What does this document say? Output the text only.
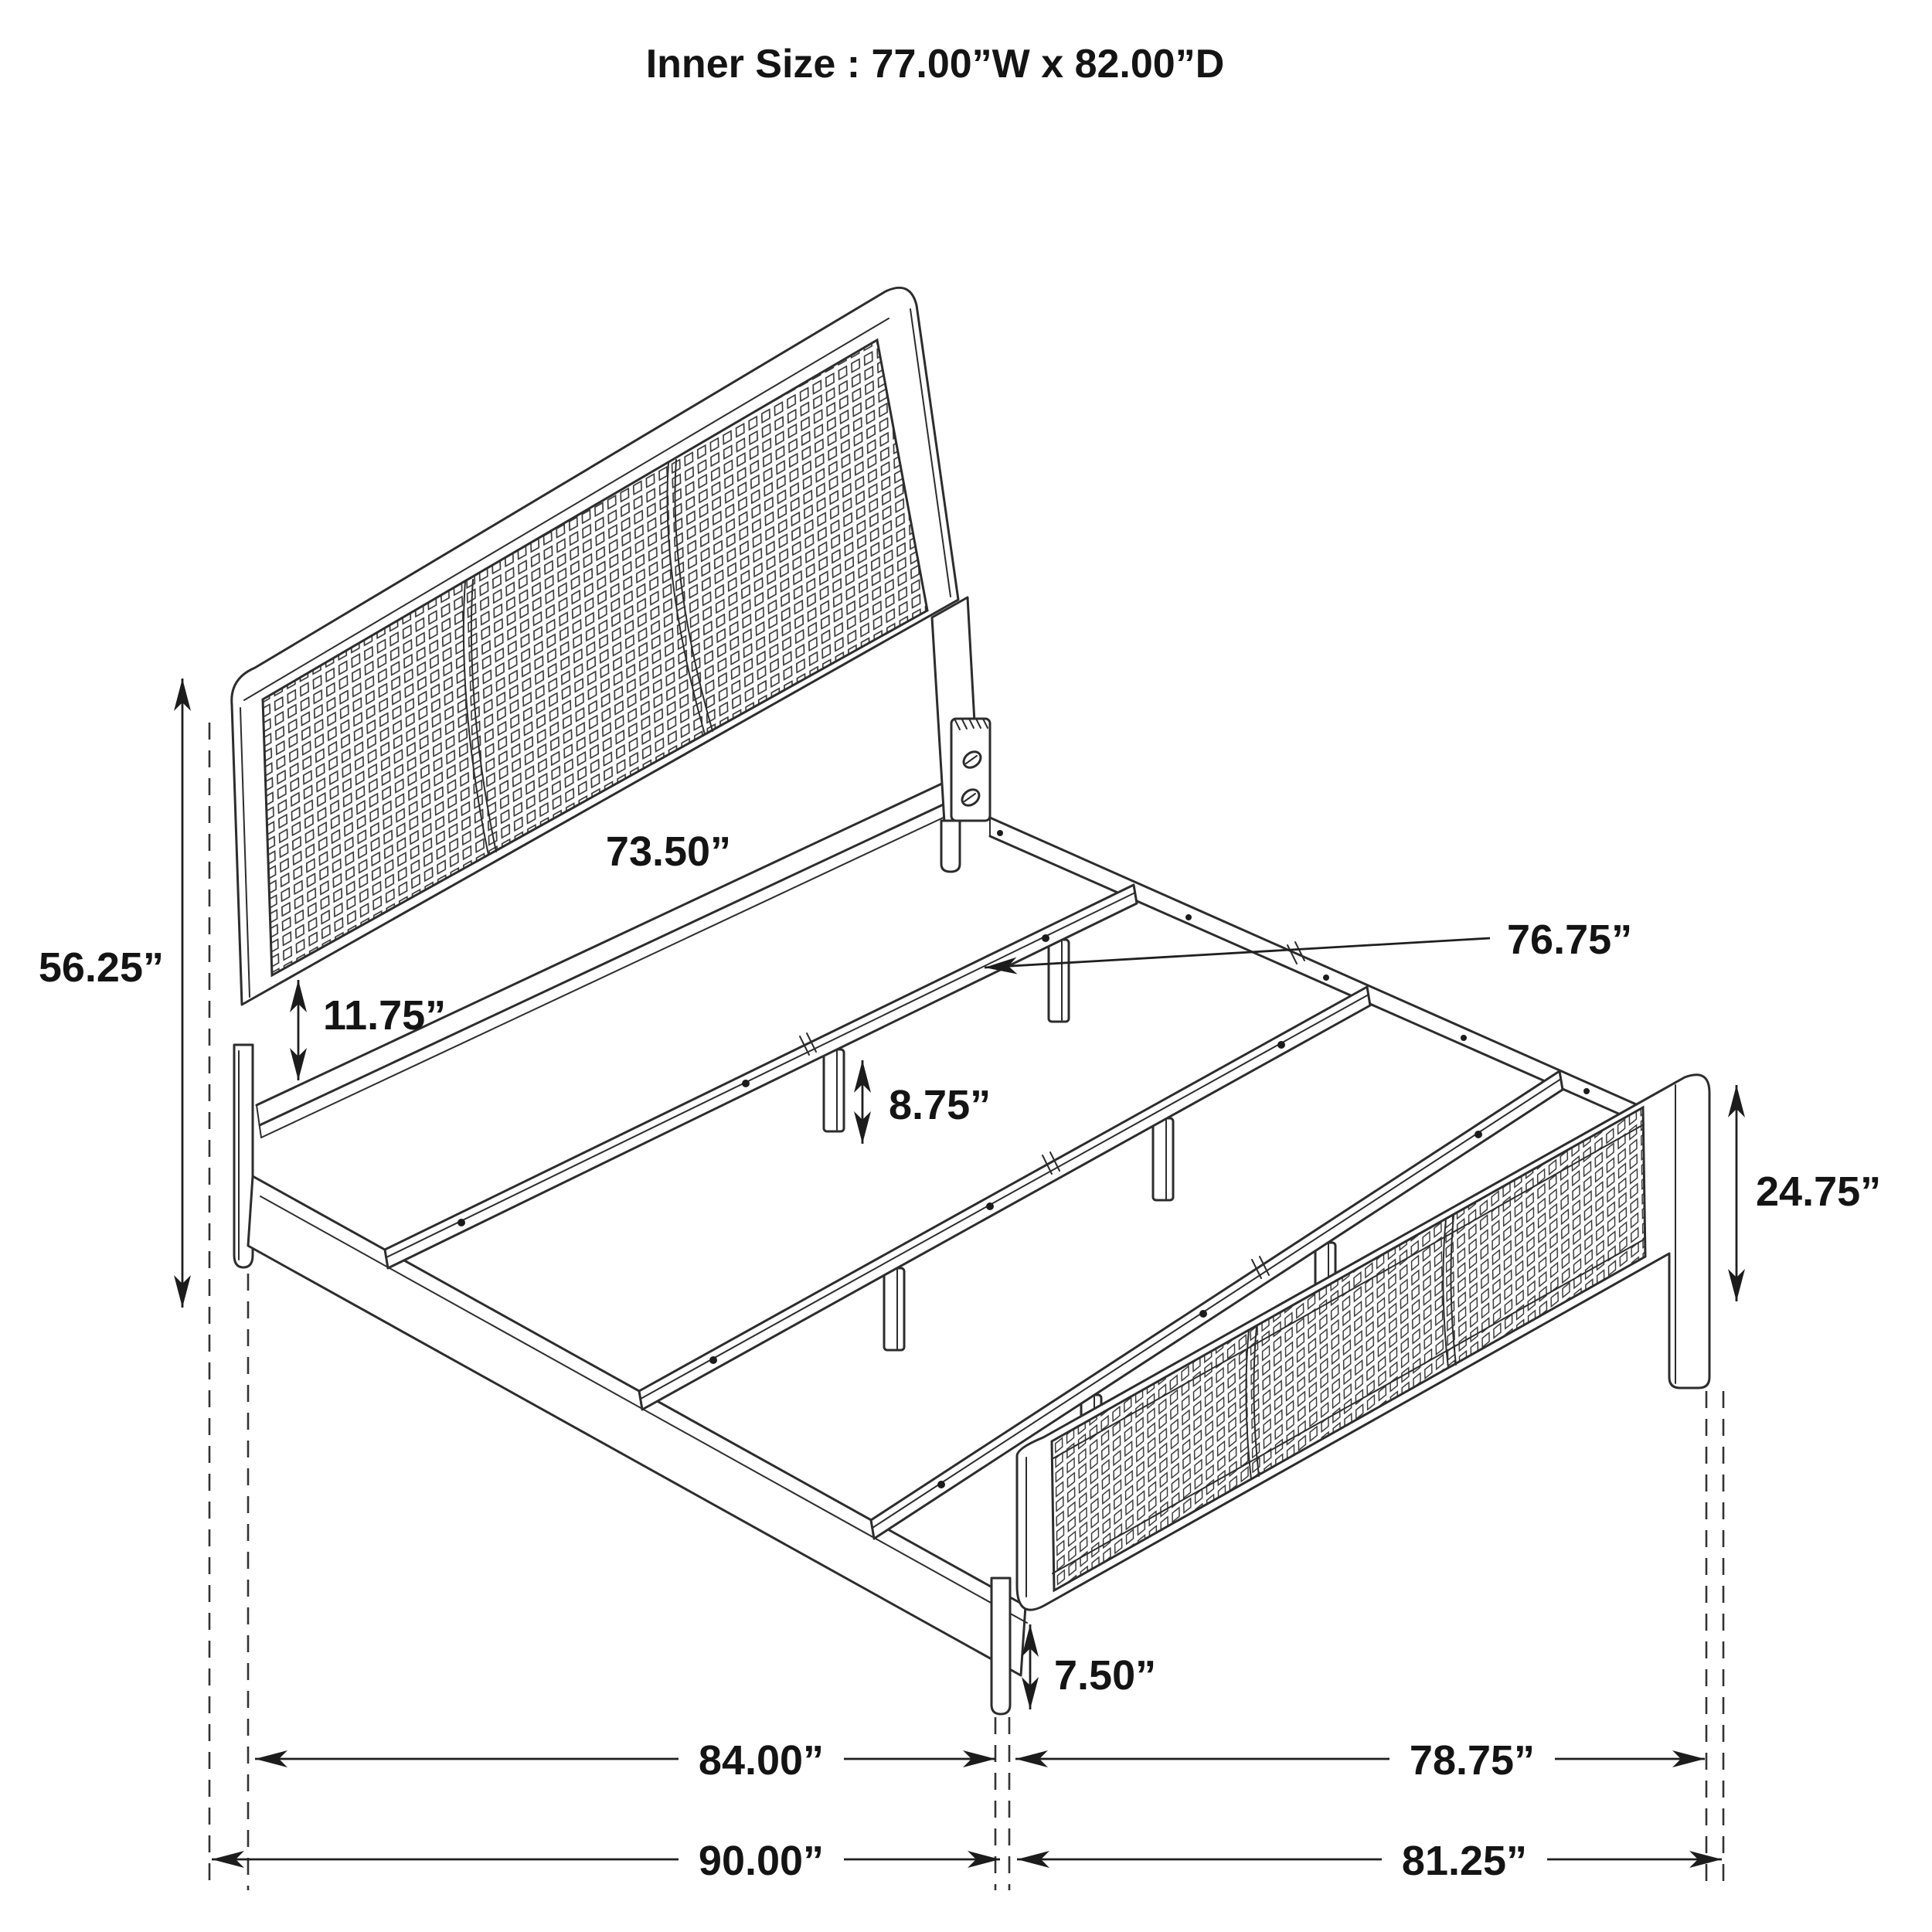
56.25”
11.75”
73.50”
76.75”
8.75”
24.75”
7.50”
84.00”	78.75”
90.00”	81.25”
Inner Size : 77.00”W x 82.00”D
